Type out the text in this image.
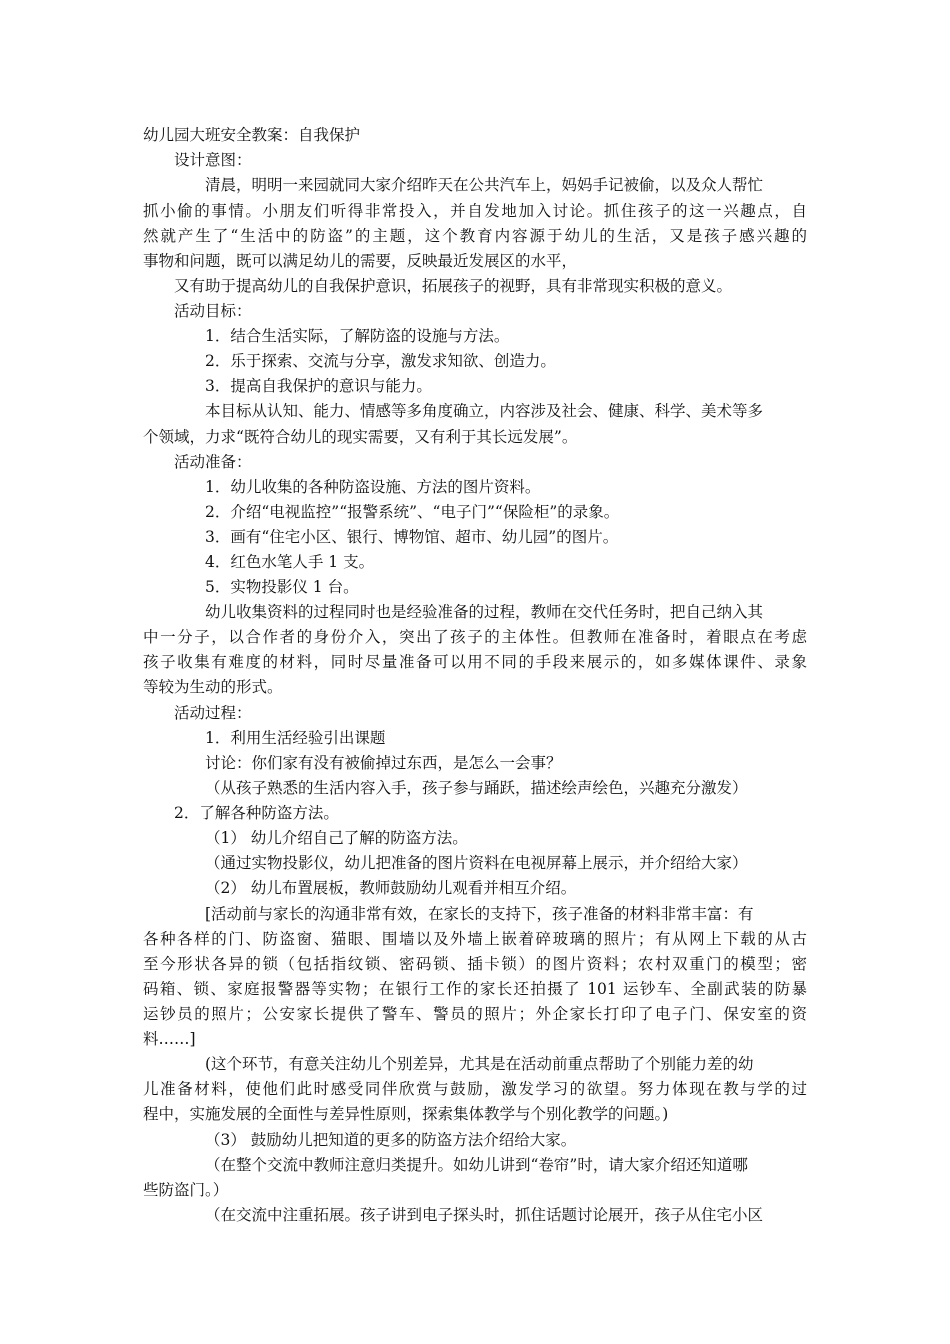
幼儿园大班安全教案：自我保护
设计意图：
清晨，明明一来园就同大家介绍昨天在公共汽车上，妈妈手记被偷，以及众人帮忙
抓小偷的事情。小朋友们听得非常投入，并自发地加入讨论。抓住孩子的这一兴趣点，自
然就产生了“生活中的防盗”的主题，这个教育内容源于幼儿的生活，又是孩子感兴趣的
事物和问题，既可以满足幼儿的需要，反映最近发展区的水平，
又有助于提高幼儿的自我保护意识，拓展孩子的视野，具有非常现实积极的意义。
活动目标：
1．结合生活实际，了解防盗的设施与方法。
2．乐于探索、交流与分享，激发求知欲、创造力。
3．提高自我保护的意识与能力。
本目标从认知、能力、情感等多角度确立，内容涉及社会、健康、科学、美术等多
个领域，力求“既符合幼儿的现实需要，又有利于其长远发展”。
活动准备：
1．幼儿收集的各种防盗设施、方法的图片资料。
2．介绍“电视监控”“报警系统”、“电子门”“保险柜”的录象。
3．画有“住宅小区、银行、博物馆、超市、幼儿园”的图片。
4．红色水笔人手 1 支。
5．实物投影仪 1 台。
幼儿收集资料的过程同时也是经验准备的过程，教师在交代任务时，把自己纳入其
中一分子，以合作者的身份介入，突出了孩子的主体性。但教师在准备时，着眼点在考虑
孩子收集有难度的材料，同时尽量准备可以用不同的手段来展示的，如多媒体课件、录象
等较为生动的形式。
活动过程：
1．利用生活经验引出课题
讨论：你们家有没有被偷掉过东西，是怎么一会事？
（从孩子熟悉的生活内容入手，孩子参与踊跃，描述绘声绘色，兴趣充分激发）
2．了解各种防盗方法。
（1） 幼儿介绍自己了解的防盗方法。
（通过实物投影仪，幼儿把准备的图片资料在电视屏幕上展示，并介绍给大家）
（2） 幼儿布置展板，教师鼓励幼儿观看并相互介绍。
[活动前与家长的沟通非常有效，在家长的支持下，孩子准备的材料非常丰富：有
各种各样的门、防盗窗、猫眼、围墙以及外墙上嵌着碎玻璃的照片；有从网上下载的从古
至今形状各异的锁（包括指纹锁、密码锁、插卡锁）的图片资料；农村双重门的模型；密
码箱、锁、家庭报警器等实物；在银行工作的家长还拍摄了 101 运钞车、全副武装的防暴
运钞员的照片；公安家长提供了警车、警员的照片；外企家长打印了电子门、保安室的资
料……]
(这个环节，有意关注幼儿个别差异，尤其是在活动前重点帮助了个别能力差的幼
儿准备材料，使他们此时感受同伴欣赏与鼓励，激发学习的欲望。努力体现在教与学的过
程中，实施发展的全面性与差异性原则，探索集体教学与个别化教学的问题。)
（3） 鼓励幼儿把知道的更多的防盗方法介绍给大家。
（在整个交流中教师注意归类提升。如幼儿讲到“卷帘”时，请大家介绍还知道哪
些防盗门。）
（在交流中注重拓展。孩子讲到电子探头时，抓住话题讨论展开，孩子从住宅小区
